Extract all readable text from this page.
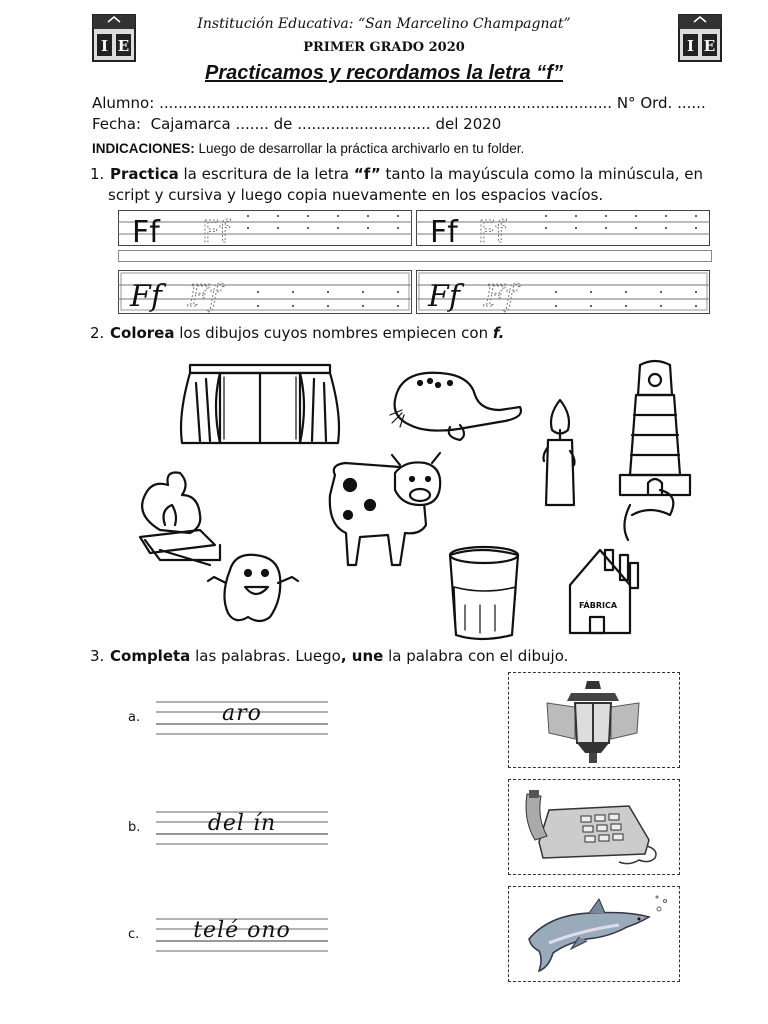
I E	I E
Institución Educativa: “San Marcelino Champagnat”
PRIMER GRADO 2020
Practicamos y recordamos la letra “f”
Alumno: ............................................................................................... N° Ord. ......
Fecha: Cajamarca ....... de ............................ del 2020
INDICACIONES: Luego de desarrollar la práctica archivarlo en tu folder.
1. Practica la escritura de la letra “f” tanto la mayúscula como la minúscula, en
script y cursiva y luego copia nuevamente en los espacios vacíos.
Ff Ff	Ff Ff
Ff Ff	Ff Ff
2. Colorea los dibujos cuyos nombres empiecen con f.
FÁBRICA
3. Completa las palabras. Luego, une la palabra con el dibujo.
a.	aro
b.	del ín
c.	telé ono
